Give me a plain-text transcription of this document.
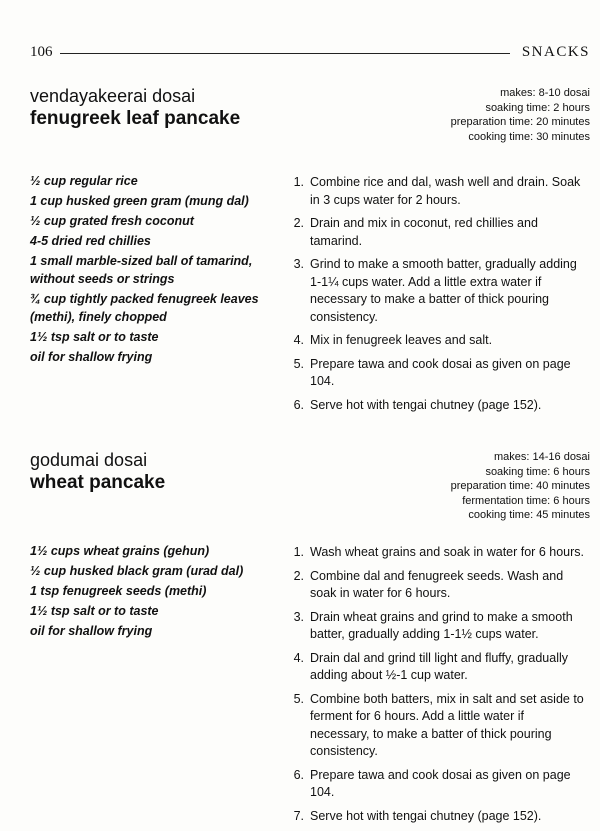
106	SNACKS
vendayakeerai dosai
fenugreek leaf pancake
makes: 8-10 dosai
soaking time: 2 hours
preparation time: 20 minutes
cooking time: 30 minutes
½ cup regular rice
1 cup husked green gram (mung dal)
½ cup grated fresh coconut
4-5 dried red chillies
1 small marble-sized ball of tamarind, without seeds or strings
¾ cup tightly packed fenugreek leaves (methi), finely chopped
1½ tsp salt or to taste
oil for shallow frying
1. Combine rice and dal, wash well and drain. Soak in 3 cups water for 2 hours.
2. Drain and mix in coconut, red chillies and tamarind.
3. Grind to make a smooth batter, gradually adding 1-1¼ cups water. Add a little extra water if necessary to make a batter of thick pouring consistency.
4. Mix in fenugreek leaves and salt.
5. Prepare tawa and cook dosai as given on page 104.
6. Serve hot with tengai chutney (page 152).
godumai dosai
wheat pancake
makes: 14-16 dosai
soaking time: 6 hours
preparation time: 40 minutes
fermentation time: 6 hours
cooking time: 45 minutes
1½ cups wheat grains (gehun)
½ cup husked black gram (urad dal)
1 tsp fenugreek seeds (methi)
1½ tsp salt or to taste
oil for shallow frying
1. Wash wheat grains and soak in water for 6 hours.
2. Combine dal and fenugreek seeds. Wash and soak in water for 6 hours.
3. Drain wheat grains and grind to make a smooth batter, gradually adding 1-1½ cups water.
4. Drain dal and grind till light and fluffy, gradually adding about ½-1 cup water.
5. Combine both batters, mix in salt and set aside to ferment for 6 hours. Add a little water if necessary, to make a batter of thick pouring consistency.
6. Prepare tawa and cook dosai as given on page 104.
7. Serve hot with tengai chutney (page 152).
